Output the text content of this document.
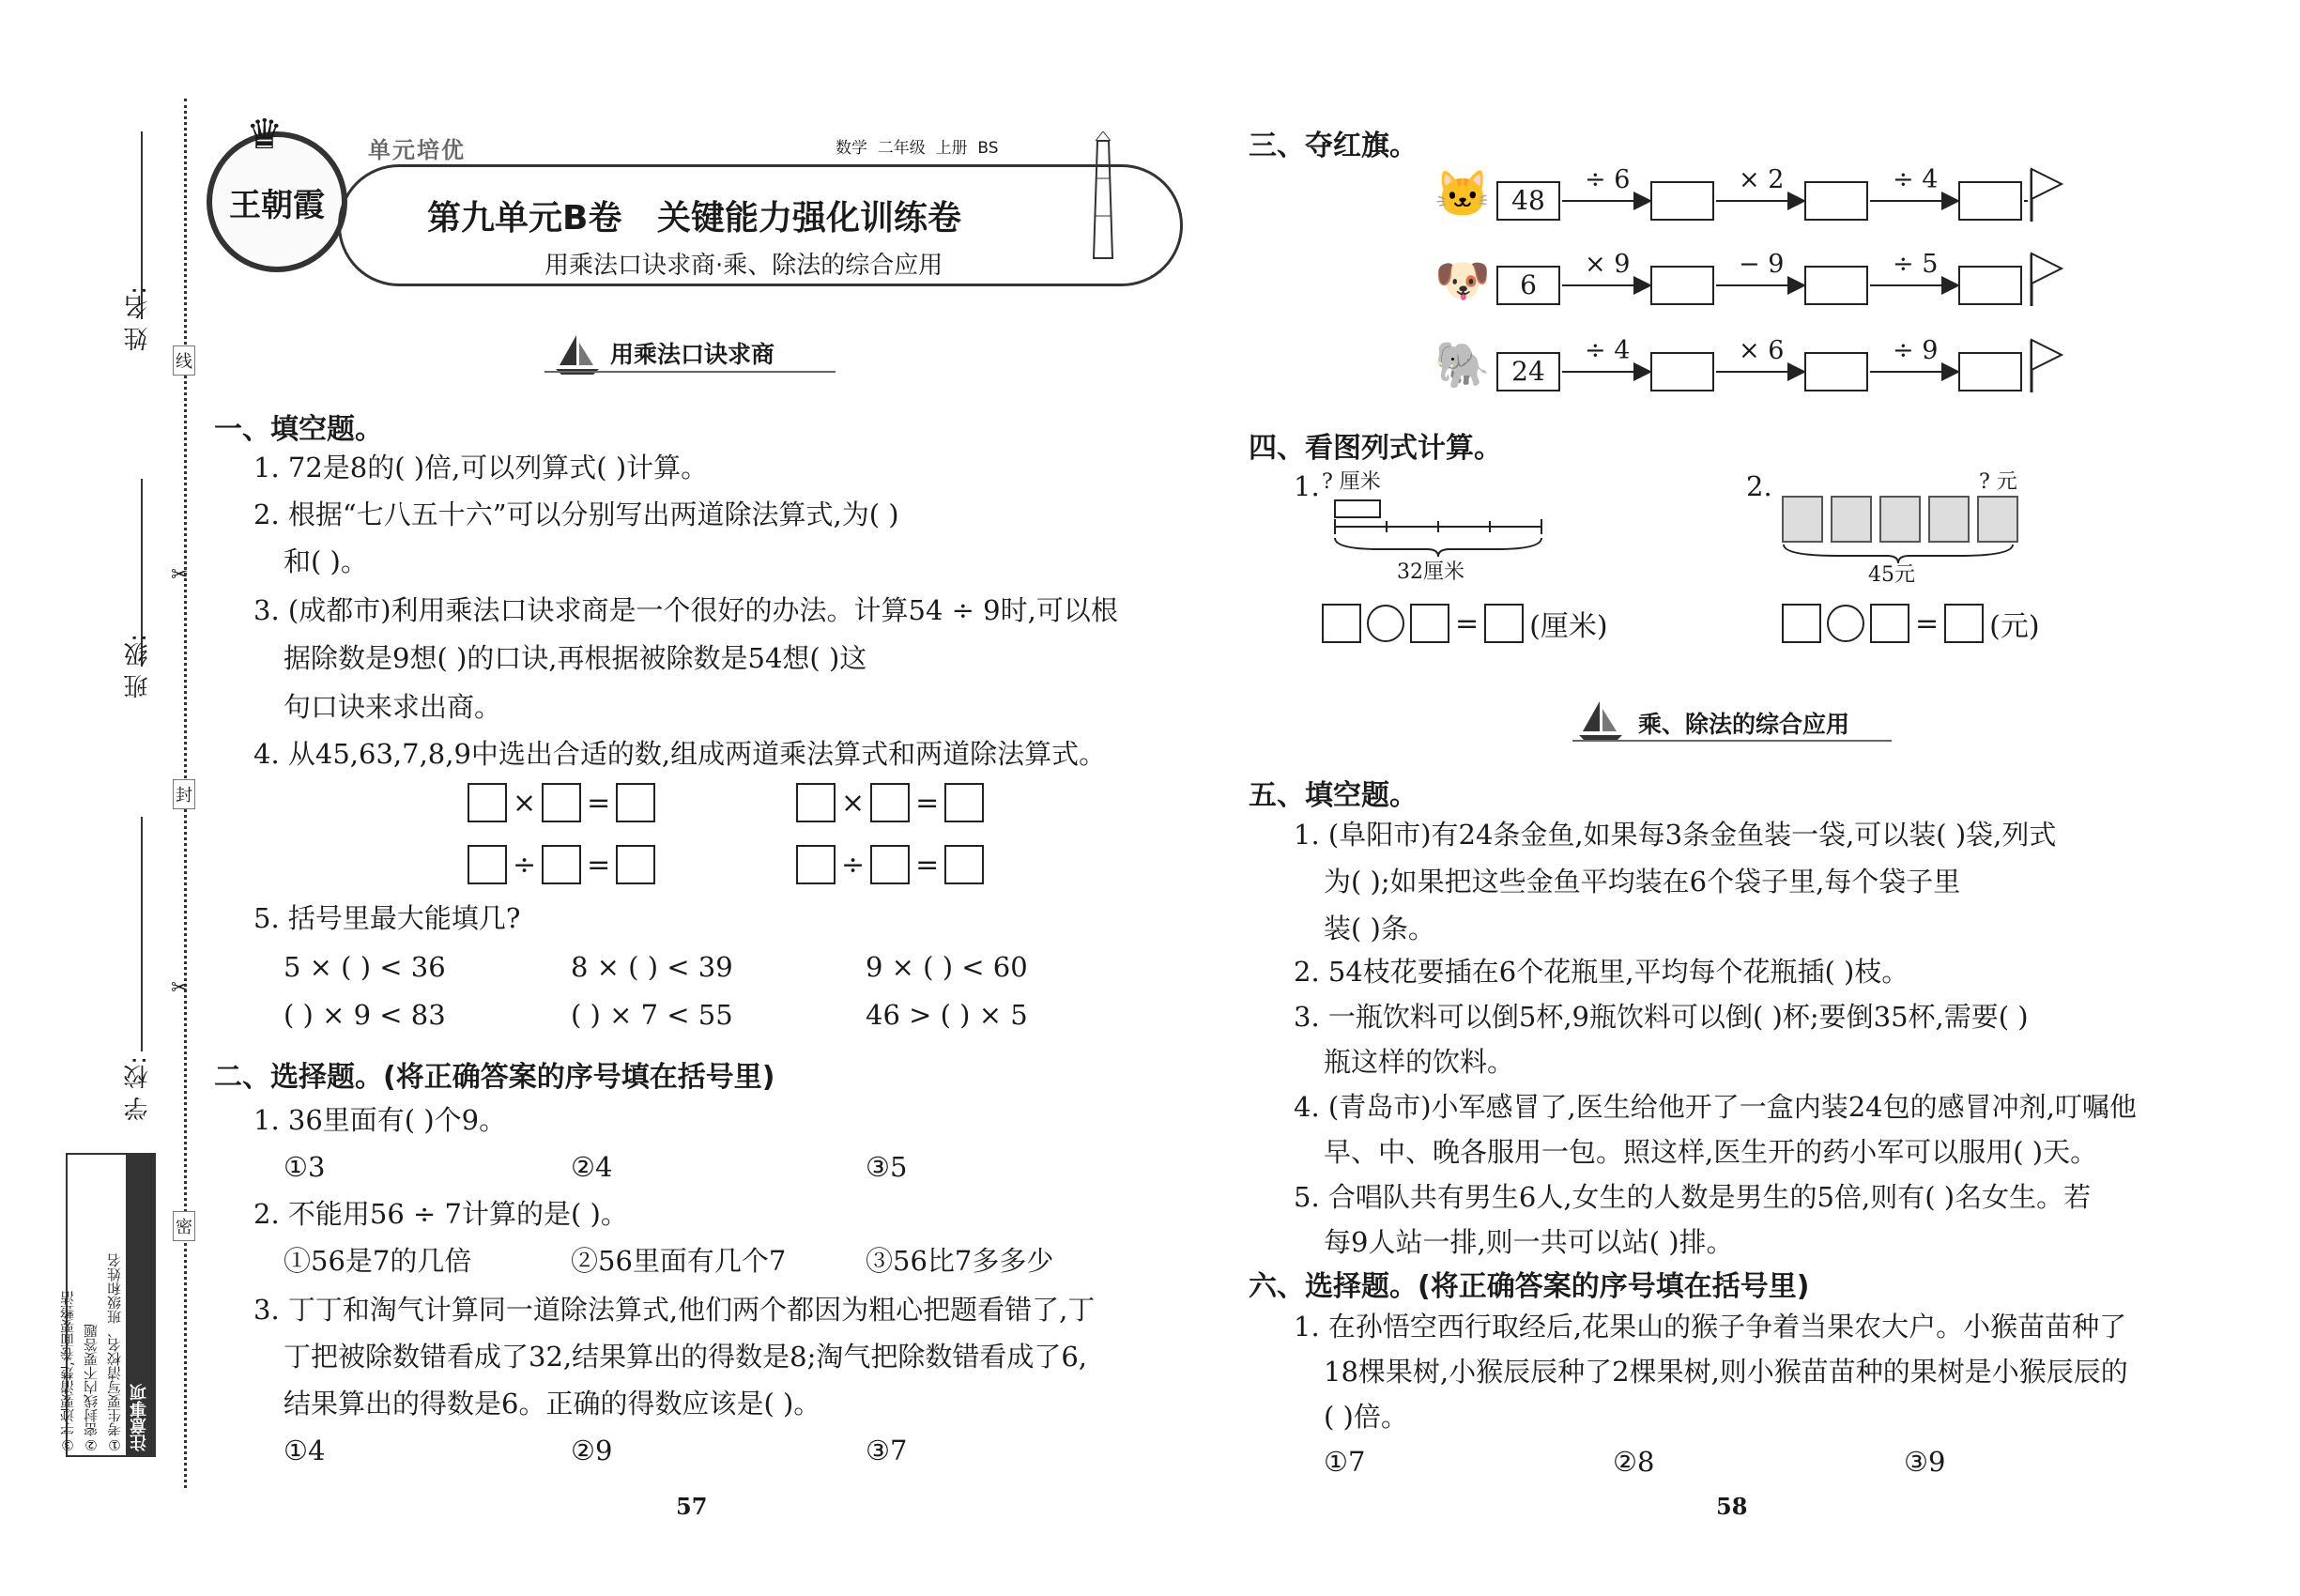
姓 名:
班 级:
学 校:
线
封
密
✂
✂
注意事项
①考生要写清校名、班级和姓名
②密封线内不要答题
③字迹要清楚,卷面要整洁
王朝霞
♛	单元培优	数学  二年级  上册  BS
第九单元B卷   关键能力强化训练卷
用乘法口诀求商·乘、除法的综合应用
用乘法口诀求商
一、填空题。
1. 72是8的( )倍,可以列算式( )计算。
2. 根据“七八五十六”可以分别写出两道除法算式,为( )
和( )。
3. (成都市)利用乘法口诀求商是一个很好的办法。计算54 ÷ 9时,可以根
据除数是9想( )的口诀,再根据被除数是54想( )这
句口诀来求出商。
4. 从45,63,7,8,9中选出合适的数,组成两道乘法算式和两道除法算式。
× =	× =
÷ =	÷ =
5. 括号里最大能填几?
5 × ( ) < 36	8 × ( ) < 39	9 × ( ) < 60
( ) × 9 < 83	( ) × 7 < 55	46 > ( ) × 5
二、选择题。(将正确答案的序号填在括号里)
1. 36里面有( )个9。
①3	②4	③5
2. 不能用56 ÷ 7计算的是( )。
①56是7的几倍	②56里面有几个7	③56比7多多少
3. 丁丁和淘气计算同一道除法算式,他们两个都因为粗心把题看错了,丁
丁把被除数错看成了32,结果算出的得数是8;淘气把除数错看成了6,
结果算出的得数是6。正确的得数应该是( )。
①4	②9	③7
57
三、夺红旗。
🐱 48
÷ 6	× 2	÷ 4
🐶	6
× 9	− 9	÷ 5
🐘 24
÷ 4	× 6	÷ 9
四、看图列式计算。
1. ? 厘米
32厘米
= (厘米)
2.	? 元
45元
= (元)
乘、除法的综合应用
五、填空题。
1. (阜阳市)有24条金鱼,如果每3条金鱼装一袋,可以装( )袋,列式
为( );如果把这些金鱼平均装在6个袋子里,每个袋子里
装( )条。
2. 54枝花要插在6个花瓶里,平均每个花瓶插( )枝。
3. 一瓶饮料可以倒5杯,9瓶饮料可以倒( )杯;要倒35杯,需要( )
瓶这样的饮料。
4. (青岛市)小军感冒了,医生给他开了一盒内装24包的感冒冲剂,叮嘱他
早、中、晚各服用一包。照这样,医生开的药小军可以服用( )天。
5. 合唱队共有男生6人,女生的人数是男生的5倍,则有( )名女生。若
每9人站一排,则一共可以站( )排。
六、选择题。(将正确答案的序号填在括号里)
1. 在孙悟空西行取经后,花果山的猴子争着当果农大户。小猴苗苗种了
18棵果树,小猴辰辰种了2棵果树,则小猴苗苗种的果树是小猴辰辰的
( )倍。
①7	②8	③9
58
